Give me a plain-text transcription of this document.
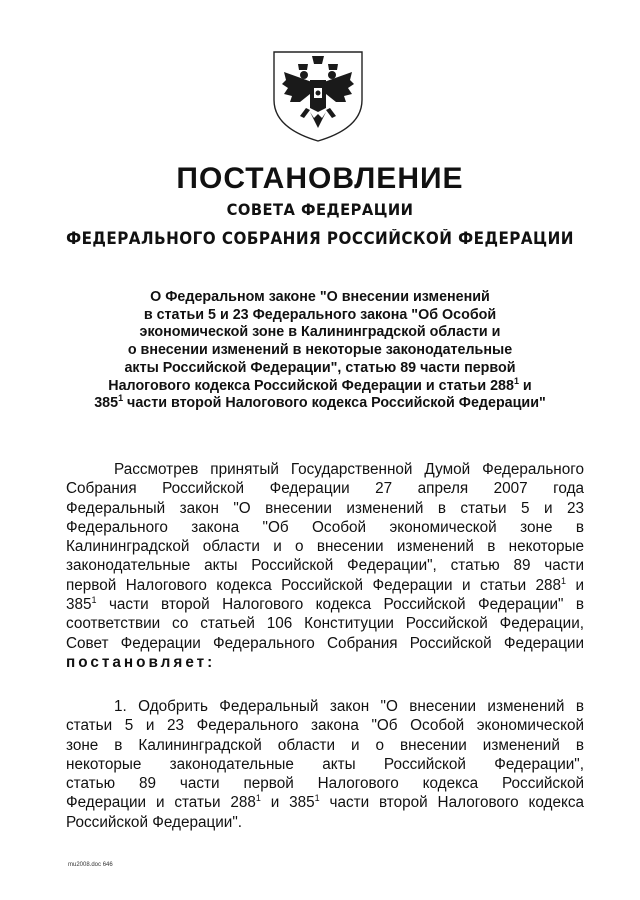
ПОСТАНОВЛЕНИЕ
СОВЕТА ФЕДЕРАЦИИ
ФЕДЕРАЛЬНОГО СОБРАНИЯ РОССИЙСКОЙ ФЕДЕРАЦИИ
О Федеральном законе "О внесении изменений
в статьи 5 и 23 Федерального закона "Об Особой
экономической зоне в Калининградской области и
о внесении изменений в некоторые законодательные
акты Российской Федерации", статью 89 части первой
Налогового кодекса Российской Федерации и статьи $288^1$ и
$385^1$ части второй Налогового кодекса Российской Федерации"
Рассмотрев принятый Государственной Думой Федерального
Собрания Российской Федерации 27 апреля 2007 года
Федеральный закон "О внесении изменений в статьи 5 и 23
Федерального закона "Об Особой экономической зоне в
Калининградской области и о внесении изменений в некоторые
законодательные акты Российской Федерации", статью 89 части
первой Налогового кодекса Российской Федерации и статьи $288^1$ и
$385^1$ части второй Налогового кодекса Российской Федерации" в
соответствии со статьей 106 Конституции Российской Федерации,
Совет Федерации Федерального Собрания Российской Федерации
постановляет:
1. Одобрить Федеральный закон "О внесении изменений в
статьи 5 и 23 Федерального закона "Об Особой экономической
зоне в Калининградской области и о внесении изменений в
некоторые законодательные акты Российской Федерации",
статью 89 части первой Налогового кодекса Российской
Федерации и статьи $288^1$ и $385^1$ части второй Налогового кодекса
Российской Федерации".
mu2008.doc 646
